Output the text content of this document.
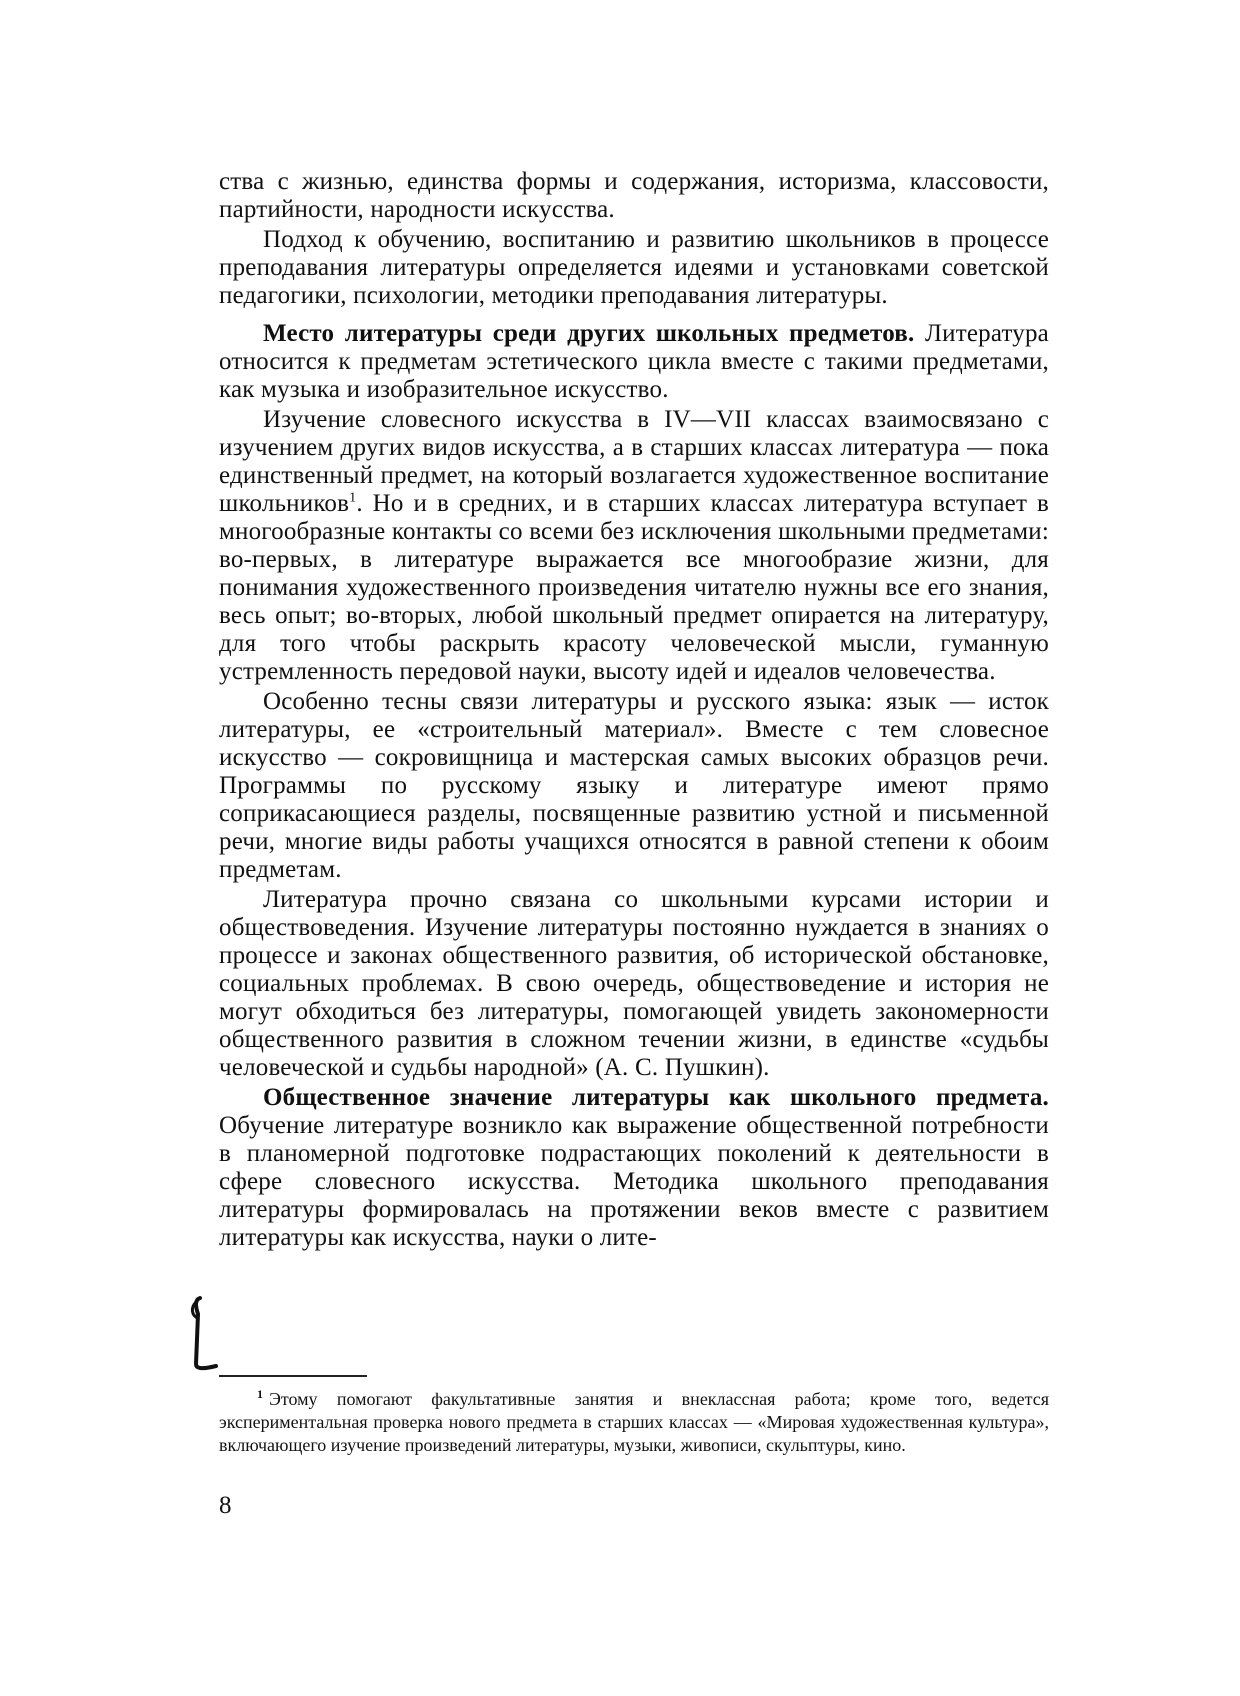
ства с жизнью, единства формы и содержания, историзма, классовости, партийности, народности искусства.

Подход к обучению, воспитанию и развитию школьников в процессе преподавания литературы определяется идеями и установками советской педагогики, психологии, методики преподавания литературы.

Место литературы среди других школьных предметов. Литература относится к предметам эстетического цикла вместе с такими предметами, как музыка и изобразительное искусство.

Изучение словесного искусства в IV—VII классах взаимосвязано с изучением других видов искусства, а в старших классах литература — пока единственный предмет, на который возлагается художественное воспитание школьников$^1$. Но и в средних, и в старших классах литература вступает в многообразные контакты со всеми без исключения школьными предметами: во-первых, в литературе выражается все многообразие жизни, для понимания художественного произведения читателю нужны все его знания, весь опыт; во-вторых, любой школьный предмет опирается на литературу, для того чтобы раскрыть красоту человеческой мысли, гуманную устремленность передовой науки, высоту идей и идеалов человечества.

Особенно тесны связи литературы и русского языка: язык — исток литературы, ее «строительный материал». Вместе с тем словесное искусство — сокровищница и мастерская самых высоких образцов речи. Программы по русскому языку и литературе имеют прямо соприкасающиеся разделы, посвященные развитию устной и письменной речи, многие виды работы учащихся относятся в равной степени к обоим предметам.

Литература прочно связана со школьными курсами истории и обществоведения. Изучение литературы постоянно нуждается в знаниях о процессе и законах общественного развития, об исторической обстановке, социальных проблемах. В свою очередь, обществоведение и история не могут обходиться без литературы, помогающей увидеть закономерности общественного развития в сложном течении жизни, в единстве «судьбы человеческой и судьбы народной» (А. С. Пушкин).

Общественное значение литературы как школьного предмета. Обучение литературе возникло как выражение общественной потребности в планомерной подготовке подрастающих поколений к деятельности в сфере словесного искусства. Методика школьного преподавания литературы формировалась на протяжении веков вместе с развитием литературы как искусства, науки о лите-

$^1$ Этому помогают факультативные занятия и внеклассная работа; кроме того, ведется экспериментальная проверка нового предмета в старших классах — «Мировая художественная культура», включающего изучение произведений литературы, музыки, живописи, скульптуры, кино.

8
